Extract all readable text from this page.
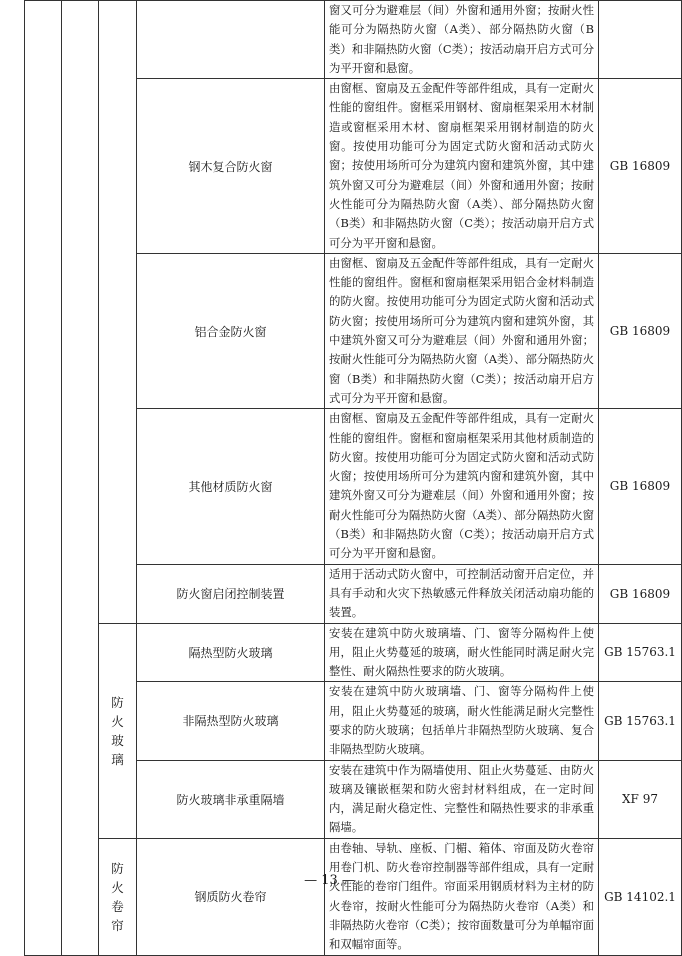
				窗又可分为避难层（间）外窗和通用外窗；按耐火性能可分为隔热防火窗（A类）、部分隔热防火窗（B类）和非隔热防火窗（C类）；按活动扇开启方式可分为平开窗和悬窗。	
			钢木复合防火窗	由窗框、窗扇及五金配件等部件组成，具有一定耐火性能的窗组件。窗框采用钢材、窗扇框架采用木材制造或窗框采用木材、窗扇框架采用钢材制造的防火窗。按使用功能可分为固定式防火窗和活动式防火窗；按使用场所可分为建筑内窗和建筑外窗，其中建筑外窗又可分为避难层（间）外窗和通用外窗；按耐火性能可分为隔热防火窗（A类）、部分隔热防火窗（B类）和非隔热防火窗（C类）；按活动扇开启方式可分为平开窗和悬窗。	GB 16809
			铝合金防火窗	由窗框、窗扇及五金配件等部件组成，具有一定耐火性能的窗组件。窗框和窗扇框架采用铝合金材料制造的防火窗。按使用功能可分为固定式防火窗和活动式防火窗；按使用场所可分为建筑内窗和建筑外窗，其中建筑外窗又可分为避难层（间）外窗和通用外窗；按耐火性能可分为隔热防火窗（A类）、部分隔热防火窗（B类）和非隔热防火窗（C类）；按活动扇开启方式可分为平开窗和悬窗。	GB 16809
			其他材质防火窗	由窗框、窗扇及五金配件等部件组成，具有一定耐火性能的窗组件。窗框和窗扇框架采用其他材质制造的防火窗。按使用功能可分为固定式防火窗和活动式防火窗；按使用场所可分为建筑内窗和建筑外窗，其中建筑外窗又可分为避难层（间）外窗和通用外窗；按耐火性能可分为隔热防火窗（A类）、部分隔热防火窗（B类）和非隔热防火窗（C类）；按活动扇开启方式可分为平开窗和悬窗。	GB 16809
			防火窗启闭控制装置	适用于活动式防火窗中，可控制活动窗开启定位，并具有手动和火灾下热敏感元件释放关闭活动扇功能的装置。	GB 16809
		防火玻璃	隔热型防火玻璃	安装在建筑中防火玻璃墙、门、窗等分隔构件上使用，阻止火势蔓延的玻璃，耐火性能同时满足耐火完整性、耐火隔热性要求的防火玻璃。	GB 15763.1
			非隔热型防火玻璃	安装在建筑中防火玻璃墙、门、窗等分隔构件上使用，阻止火势蔓延的玻璃，耐火性能满足耐火完整性要求的防火玻璃；包括单片非隔热型防火玻璃、复合非隔热型防火玻璃。	GB 15763.1
			防火玻璃非承重隔墙	安装在建筑中作为隔墙使用、阻止火势蔓延、由防火玻璃及镶嵌框架和防火密封材料组成，在一定时间内，满足耐火稳定性、完整性和隔热性要求的非承重隔墙。	XF 97
		防火卷帘	钢质防火卷帘	由卷轴、导轨、座板、门楣、箱体、帘面及防火卷帘用卷门机、防火卷帘控制器等部件组成，具有一定耐火性能的卷帘门组件。帘面采用钢质材料为主材的防火卷帘，按耐火性能可分为隔热防火卷帘（A类）和非隔热防火卷帘（C类）；按帘面数量可分为单幅帘面和双幅帘面等。	GB 14102.1
— 13 —
